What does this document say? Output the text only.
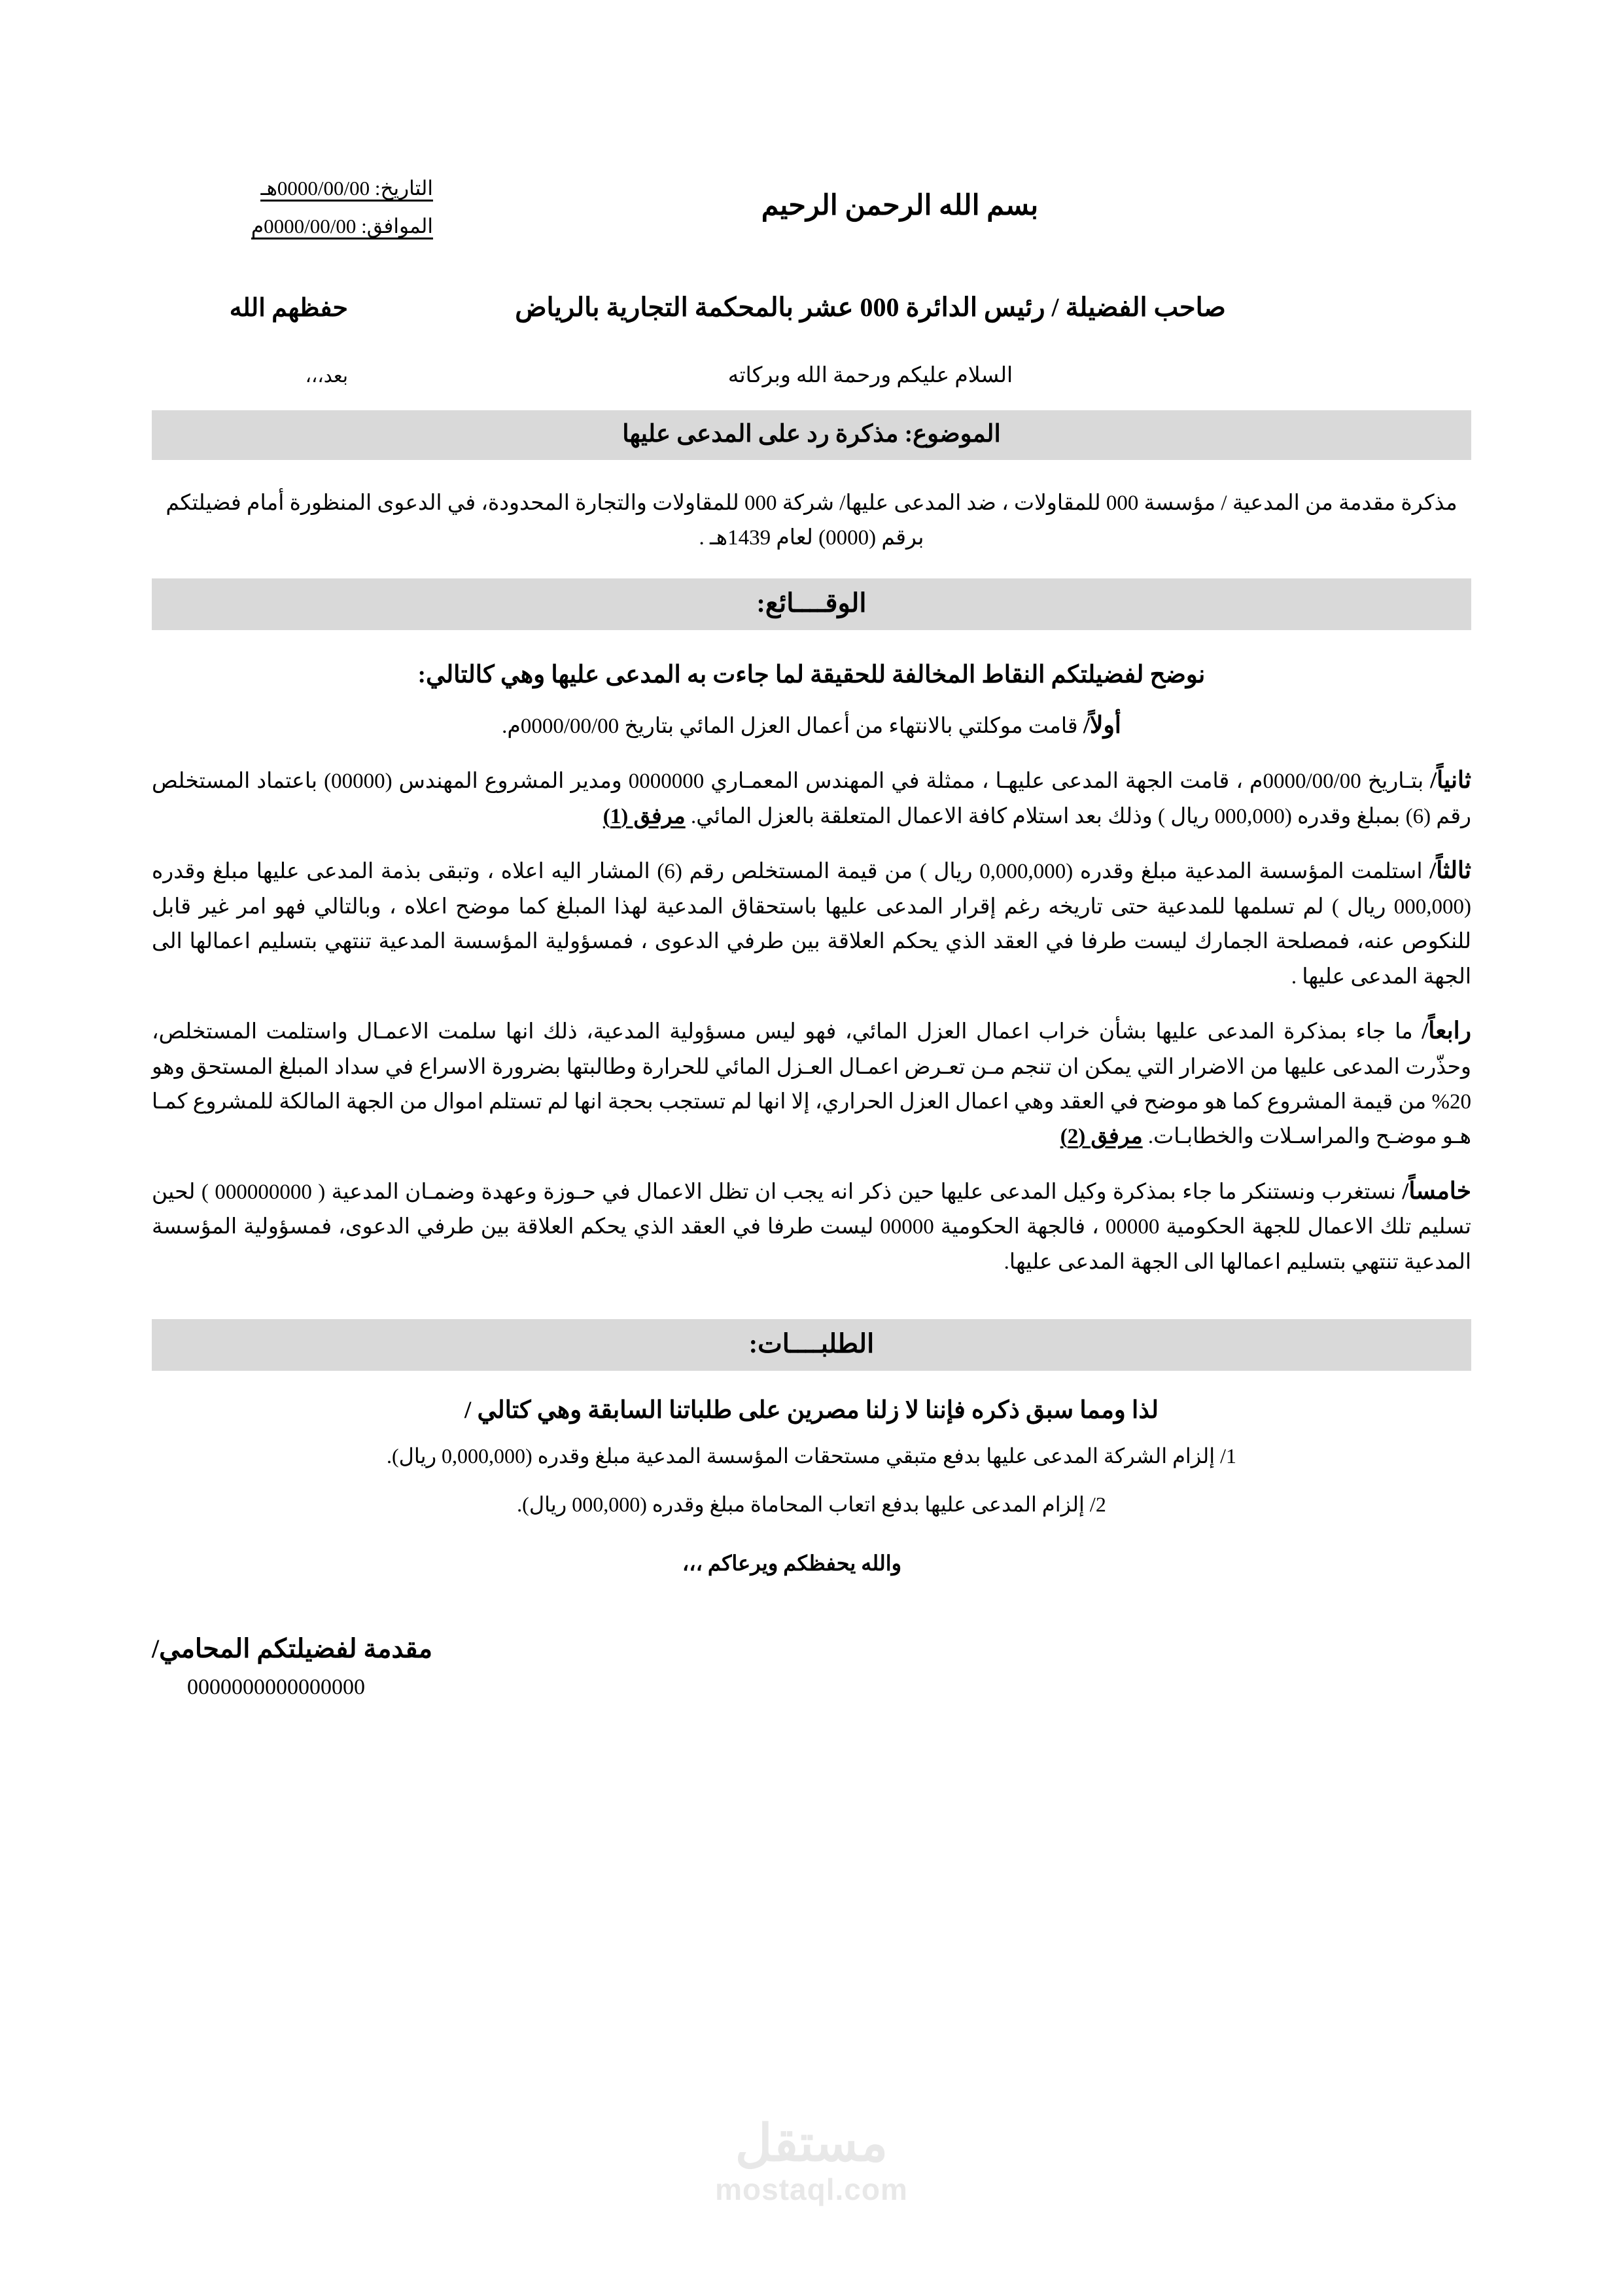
بسم الله الرحمن الرحيم
التاريخ: 0000/00/00هـ
الموافق: 0000/00/00م
صاحب الفضيلة / رئيس الدائرة 000 عشر بالمحكمة التجارية بالرياض
حفظهم الله
السلام عليكم ورحمة الله وبركاته
بعد،،،
الموضوع: مذكرة رد على المدعى عليها

مذكرة مقدمة من المدعية / مؤسسة 000 للمقاولات ، ضد المدعى عليها/ شركة 000 للمقاولات والتجارة المحدودة، في الدعوى المنظورة أمام فضيلتكم برقم (0000) لعام 1439هـ .

الوقــــائع:
نوضح لفضيلتكم النقاط المخالفة للحقيقة لما جاءت به المدعى عليها وهي كالتالي:

أولاً/ قامت موكلتي بالانتهاء من أعمال العزل المائي بتاريخ 0000/00/00م.

ثانياً/ بتـاريخ 0000/00/00م ، قامت الجهة المدعى عليهـا ، ممثلة في المهندس المعمـاري 0000000 ومدير المشروع المهندس (00000) باعتماد المستخلص رقم (6) بمبلغ وقدره (000,000 ريال ) وذلك بعد استلام كافة الاعمال المتعلقة بالعزل المائي. مرفق (1)

ثالثاً/ استلمت المؤسسة المدعية مبلغ وقدره (0,000,000 ريال ) من قيمة المستخلص رقم (6) المشار اليه اعلاه ، وتبقى بذمة المدعى عليها مبلغ وقدره (000,000 ريال ) لم تسلمها للمدعية حتى تاريخه رغم إقرار المدعى عليها باستحقاق المدعية لهذا المبلغ كما موضح اعلاه ، وبالتالي فهو امر غير قابل للنكوص عنه، فمصلحة الجمارك ليست طرفا في العقد الذي يحكم العلاقة بين طرفي الدعوى ، فمسؤولية المؤسسة المدعية تنتهي بتسليم اعمالها الى الجهة المدعى عليها .

رابعاً/ ما جاء بمذكرة المدعى عليها بشأن خراب اعمال العزل المائي، فهو ليس مسؤولية المدعية، ذلك انها سلمت الاعمـال واستلمت المستخلص، وحذّرت المدعى عليها من الاضرار التي يمكن ان تنجم مـن تعـرض اعمـال العـزل المائي للحرارة وطالبتها بضرورة الاسراع في سداد المبلغ المستحق وهو 20% من قيمة المشروع كما هو موضح في العقد وهي اعمال العزل الحراري، إلا انها لم تستجب بحجة انها لم تستلم اموال من الجهة المالكة للمشروع كمـا هـو موضـح والمراسـلات والخطابـات. مرفق (2)

خامساً/ نستغرب ونستنكر ما جاء بمذكرة وكيل المدعى عليها حين ذكر انه يجب ان تظل الاعمال في حـوزة وعهدة وضمـان المدعية ( 000000000 ) لحين تسليم تلك الاعمال للجهة الحكومية 00000 ، فالجهة الحكومية 00000 ليست طرفا في العقد الذي يحكم العلاقة بين طرفي الدعوى، فمسؤولية المؤسسة المدعية تنتهي بتسليم اعمالها الى الجهة المدعى عليها.

الطلبــــات:
لذا ومما سبق ذكره فإننا لا زلنا مصرين على طلباتنا السابقة وهي كتالي /
1/ إلزام الشركة المدعى عليها بدفع متبقي مستحقات المؤسسة المدعية مبلغ وقدره (0,000,000 ريال).
2/ إلزام المدعى عليها بدفع اتعاب المحاماة مبلغ وقدره (000,000 ريال).
والله يحفظكم ويرعاكم ،،،
مقدمة لفضيلتكم المحامي/
0000000000000000
مستقل
mostaql.com
